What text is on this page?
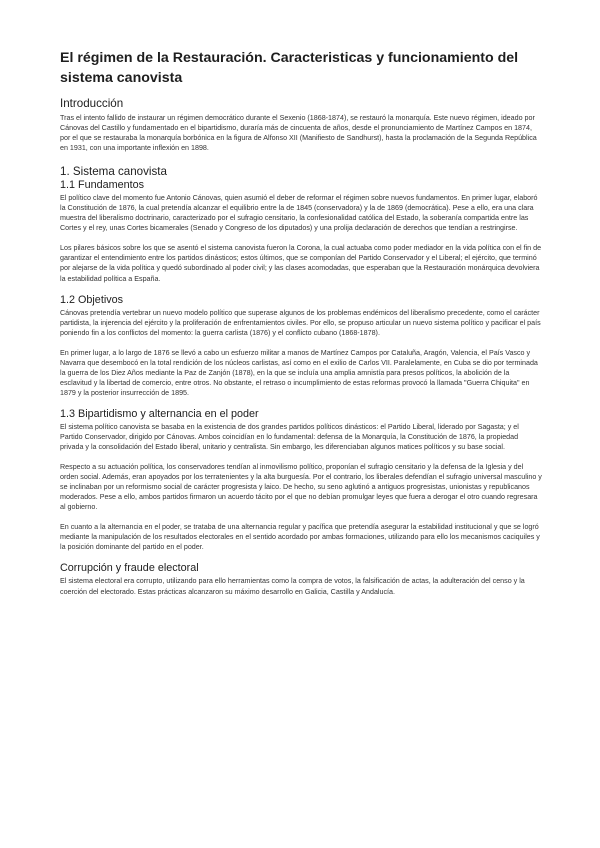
El régimen de la Restauración. Caracteristicas y funcionamiento del sistema canovista
Introducción

Tras el intento fallido de instaurar un régimen democrático durante el Sexenio (1868-1874), se restauró la monarquía. Este nuevo régimen, ideado por Cánovas del Castillo y fundamentado en el bipartidismo, duraría más de cincuenta de años, desde el pronunciamiento de Martínez Campos en 1874, por el que se restauraba la monarquía borbónica en la figura de Alfonso XII (Manifiesto de Sandhurst), hasta la proclamación de la Segunda República en 1931, con una importante inflexión en 1898.

1. Sistema canovista
1.1 Fundamentos

El político clave del momento fue Antonio Cánovas, quien asumió el deber de reformar el régimen sobre nuevos fundamentos. En primer lugar, elaboró la Constitución de 1876, la cual pretendía alcanzar el equilibrio entre la de 1845 (conservadora) y la de 1869 (democrática). Pese a ello, era una clara muestra del liberalismo doctrinario, caracterizado por el sufragio censitario, la confesionalidad católica del Estado, la soberanía compartida entre las Cortes y el rey, unas Cortes bicamerales (Senado y Congreso de los diputados) y una prolija declaración de derechos que tendían a restringirse.

Los pilares básicos sobre los que se asentó el sistema canovista fueron la Corona, la cual actuaba como poder mediador en la vida política con el fin de garantizar el entendimiento entre los partidos dinásticos; estos últimos, que se componían del Partido Conservador y el Liberal; el ejército, que terminó por alejarse de la vida política y quedó subordinado al poder civil; y las clases acomodadas, que esperaban que la Restauración monárquica devolviera la estabilidad política a España.

1.2 Objetivos

Cánovas pretendía vertebrar un nuevo modelo político que superase algunos de los problemas endémicos del liberalismo precedente, como el carácter partidista, la injerencia del ejército y la proliferación de enfrentamientos civiles. Por ello, se propuso articular un nuevo sistema político y pacificar el país poniendo fin a los conflictos del momento: la guerra carlista (1876) y el conflicto cubano (1868-1878).

En primer lugar, a lo largo de 1876 se llevó a cabo un esfuerzo militar a manos de Martínez Campos por Cataluña, Aragón, Valencia, el País Vasco y Navarra que desembocó en la total rendición de los núcleos carlistas, así como en el exilio de Carlos VII. Paralelamente, en Cuba se dio por terminada la guerra de los Diez Años mediante la Paz de Zanjón (1878), en la que se incluía una amplia amnistía para presos políticos, la abolición de la esclavitud y la libertad de comercio, entre otros. No obstante, el retraso o incumplimiento de estas reformas provocó la llamada "Guerra Chiquita" en 1879 y la posterior insurrección de 1895.

1.3 Bipartidismo y alternancia en el poder

El sistema político canovista se basaba en la existencia de dos grandes partidos políticos dinásticos: el Partido Liberal, liderado por Sagasta; y el Partido Conservador, dirigido por Cánovas. Ambos coincidían en lo fundamental: defensa de la Monarquía, la Constitución de 1876, la propiedad privada y la consolidación del Estado liberal, unitario y centralista. Sin embargo, les diferenciaban algunos matices políticos y su base social.

Respecto a su actuación política, los conservadores tendían al inmovilismo político, proponían el sufragio censitario y la defensa de la Iglesia y del orden social. Además, eran apoyados por los terratenientes y la alta burguesía. Por el contrario, los liberales defendían el sufragio universal masculino y se inclinaban por un reformismo social de carácter progresista y laico. De hecho, su seno aglutinó a antiguos progresistas, unionistas y republicanos moderados. Pese a ello, ambos partidos firmaron un acuerdo tácito por el que no debían promulgar leyes que fuera a derogar el otro cuando regresara al gobierno.

En cuanto a la alternancia en el poder, se trataba de una alternancia regular y pacífica que pretendía asegurar la estabilidad institucional y que se logró mediante la manipulación de los resultados electorales en el sentido acordado por ambas formaciones, utilizando para ello los mecanismos caciquiles y la posición dominante del partido en el poder.

Corrupción y fraude electoral

El sistema electoral era corrupto, utilizando para ello herramientas como la compra de votos, la falsificación de actas, la adulteración del censo y la coerción del electorado. Estas prácticas alcanzaron su máximo desarrollo en Galicia, Castilla y Andalucía.
